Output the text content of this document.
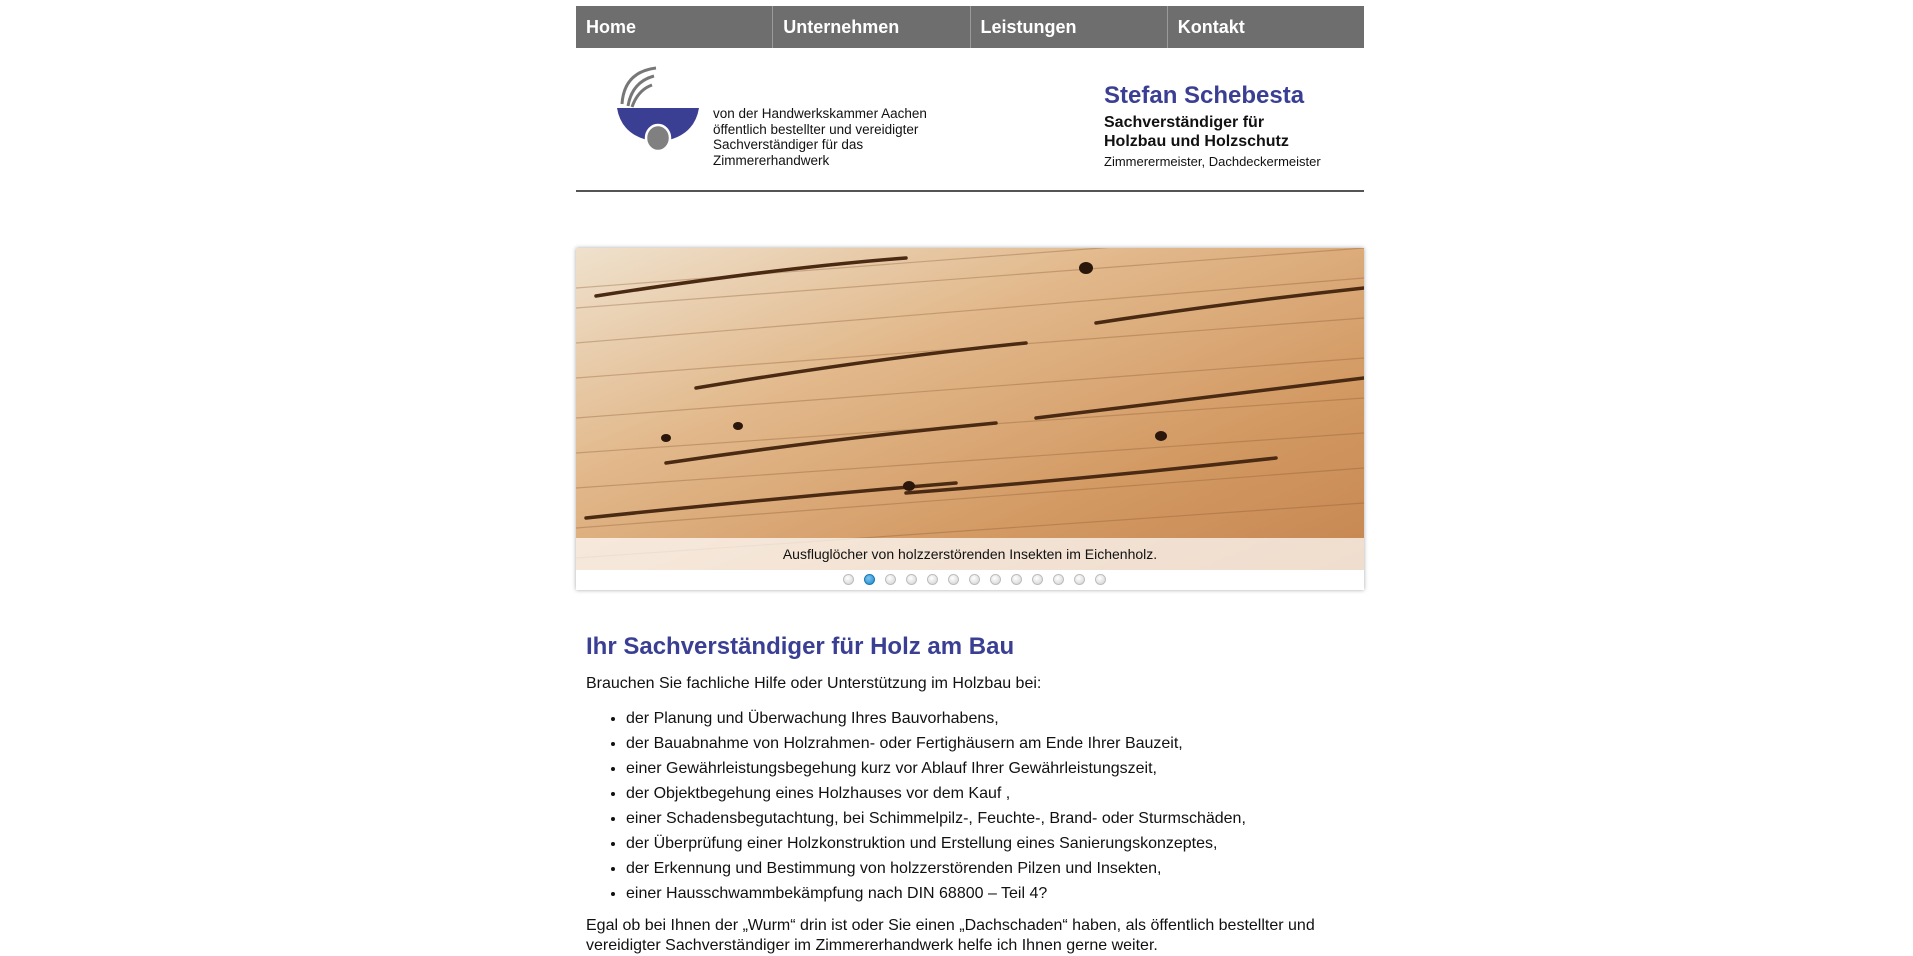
Home	Unternehmen	Leistungen	Kontakt
von der Handwerkskammer Aachen
öffentlich bestellter und vereidigter
Sachverständiger für das
Zimmererhandwerk
Stefan Schebesta
Sachverständiger für
Holzbau und Holzschutz
Zimmerermeister, Dachdeckermeister
Ausfluglöcher von holzzerstörenden Insekten im Eichenholz.
Ihr Sachverständiger für Holz am Bau
Brauchen Sie fachliche Hilfe oder Unterstützung im Holzbau bei:
• der Planung und Überwachung Ihres Bauvorhabens,
• der Bauabnahme von Holzrahmen- oder Fertighäusern am Ende Ihrer Bauzeit,
• einer Gewährleistungsbegehung kurz vor Ablauf Ihrer Gewährleistungszeit,
• der Objektbegehung eines Holzhauses vor dem Kauf ,
• einer Schadensbegutachtung, bei Schimmelpilz-, Feuchte-, Brand- oder Sturmschäden,
• der Überprüfung einer Holzkonstruktion und Erstellung eines Sanierungskonzeptes,
• der Erkennung und Bestimmung von holzzerstörenden Pilzen und Insekten,
• einer Hausschwammbekämpfung nach DIN 68800 – Teil 4?
Egal ob bei Ihnen der „Wurm“ drin ist oder Sie einen „Dachschaden“ haben, als öffentlich bestellter und vereidigter Sachverständiger im Zimmererhandwerk helfe ich Ihnen gerne weiter.
